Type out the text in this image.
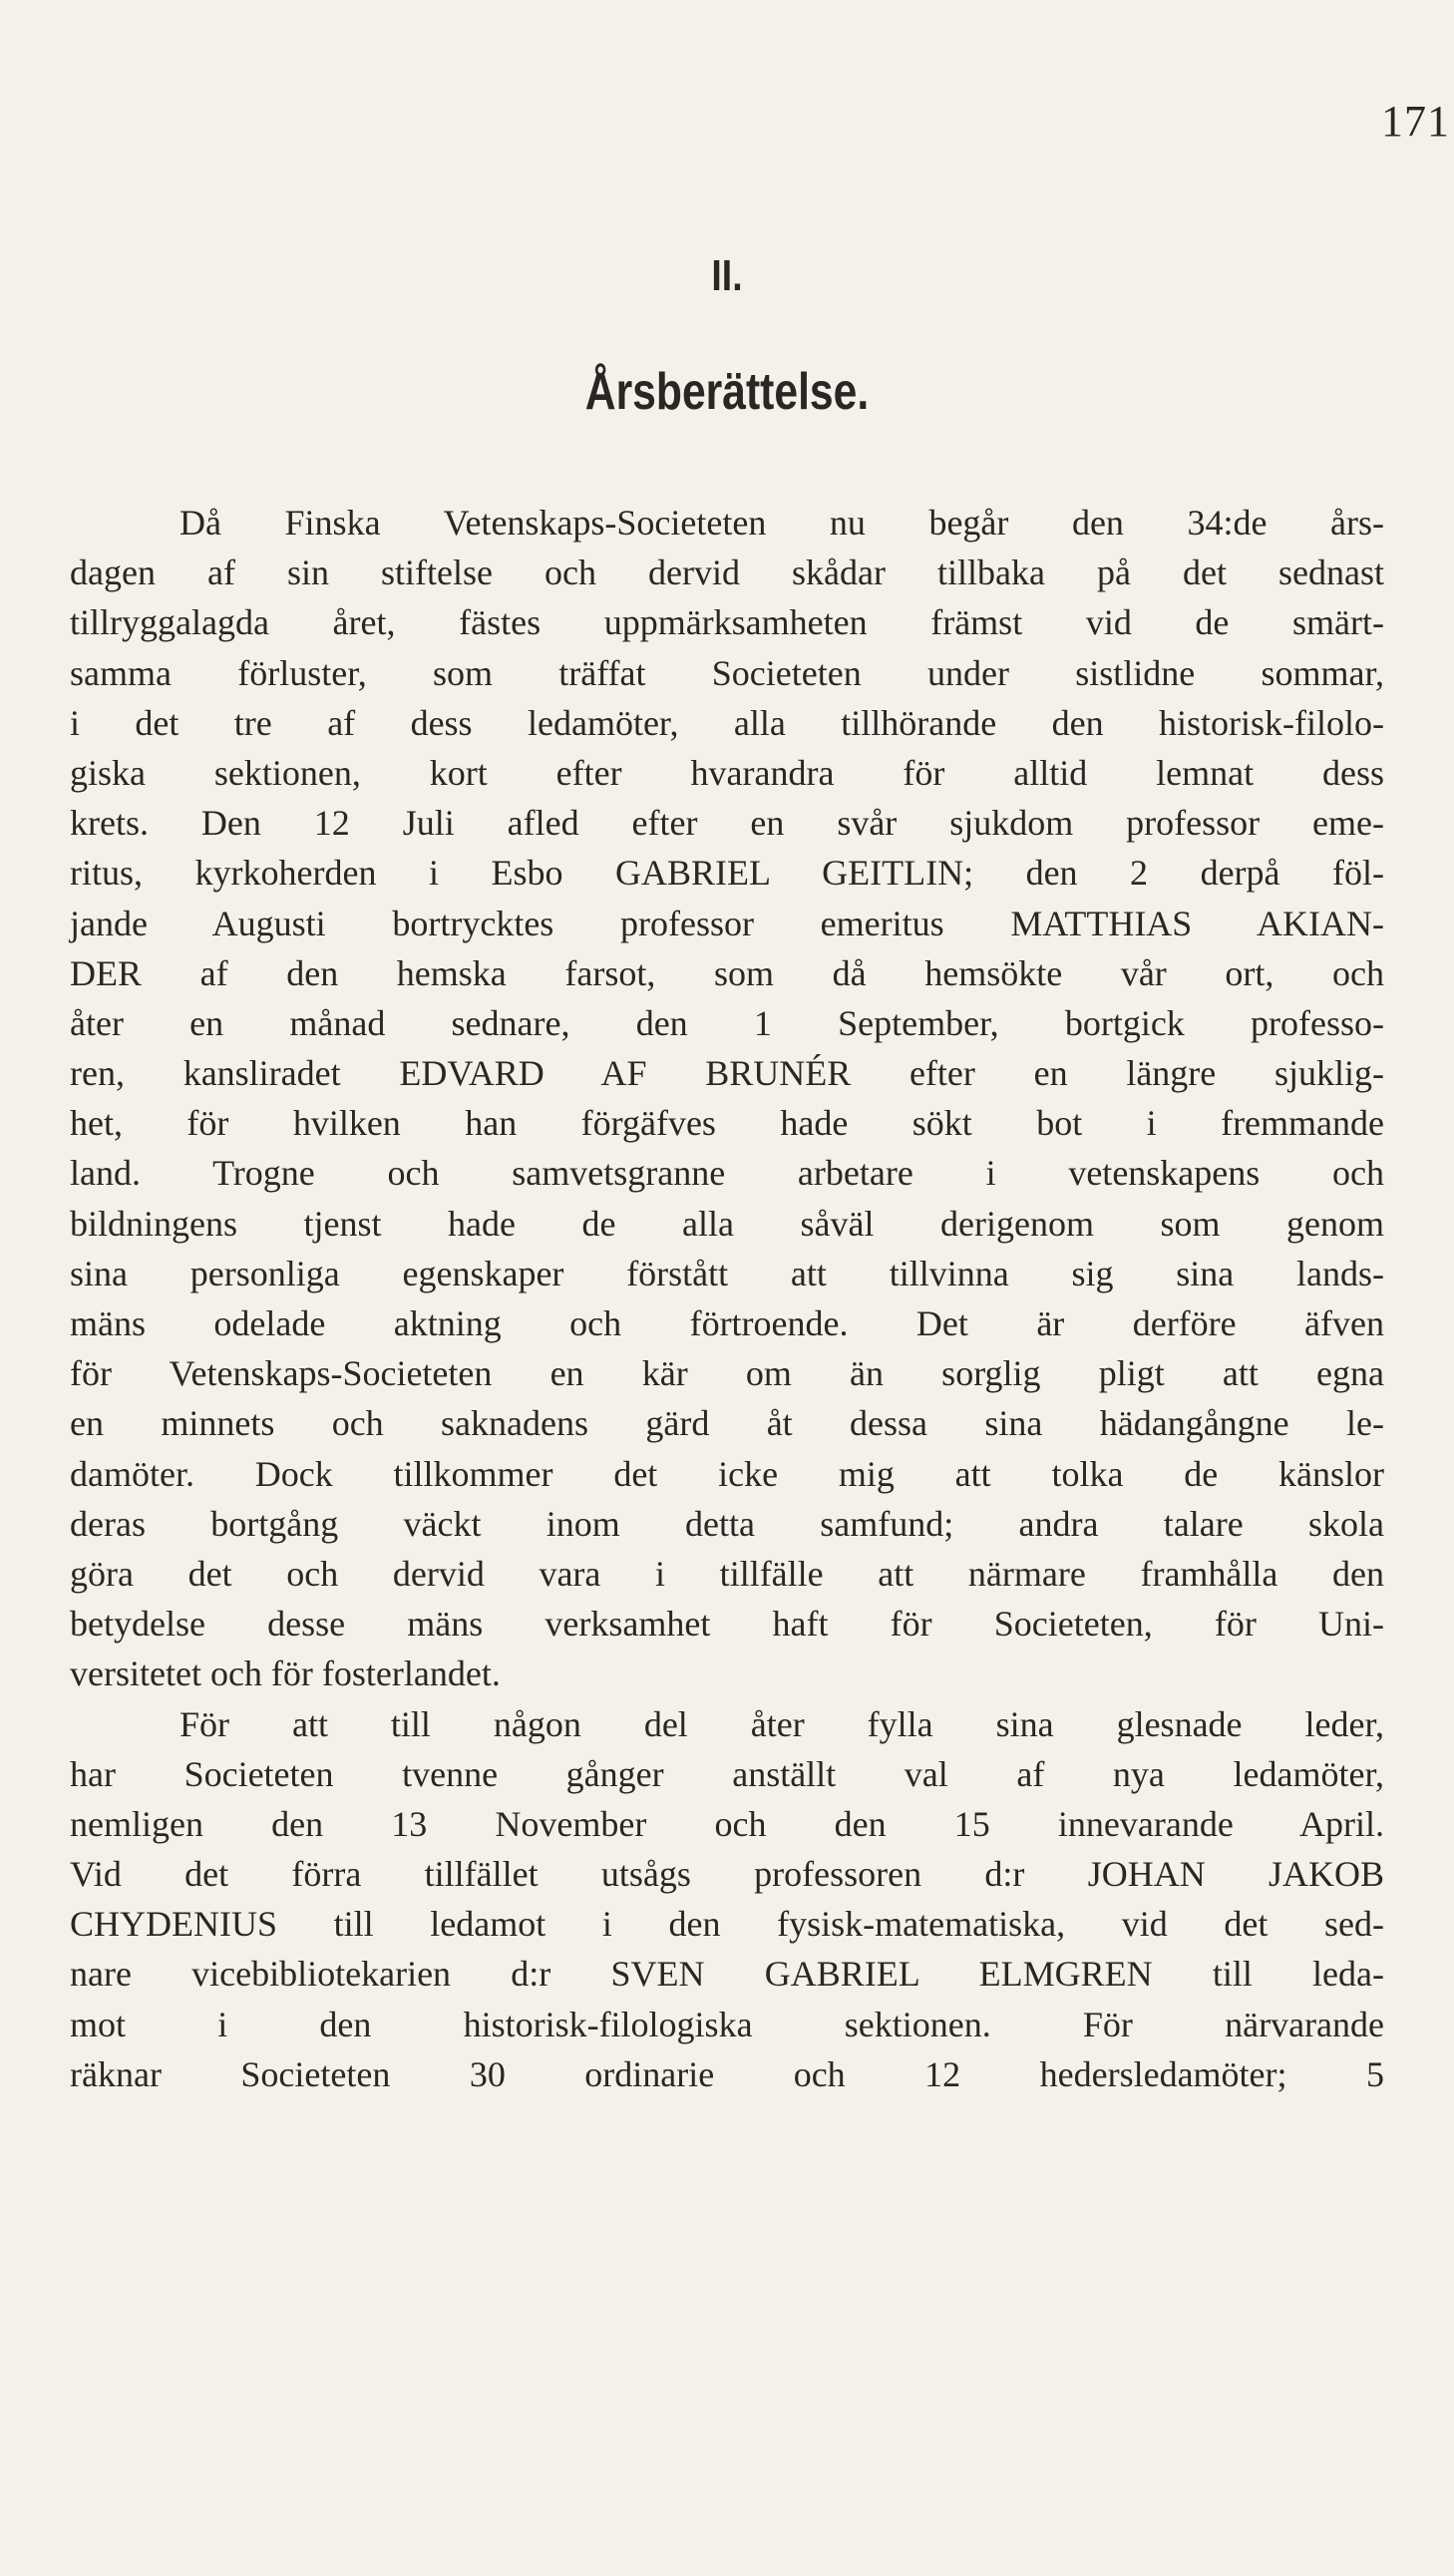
171
II.
Årsberättelse.
Då Finska Vetenskaps-Societeten nu begår den 34:de års-
dagen af sin stiftelse och dervid skådar tillbaka på det sednast
tillryggalagda året, fästes uppmärksamheten främst vid de smärt-
samma förluster, som träffat Societeten under sistlidne sommar,
i det tre af dess ledamöter, alla tillhörande den historisk-filolo-
giska sektionen, kort efter hvarandra för alltid lemnat dess
krets. Den 12 Juli afled efter en svår sjukdom professor eme-
ritus, kyrkoherden i Esbo GABRIEL GEITLIN; den 2 derpå föl-
jande Augusti bortrycktes professor emeritus MATTHIAS AKIAN-
DER af den hemska farsot, som då hemsökte vår ort, och
åter en månad sednare, den 1 September, bortgick professo-
ren, kansliradet EDVARD AF BRUNÉR efter en längre sjuklig-
het, för hvilken han förgäfves hade sökt bot i fremmande
land. Trogne och samvetsgranne arbetare i vetenskapens och
bildningens tjenst hade de alla såväl derigenom som genom
sina personliga egenskaper förstått att tillvinna sig sina lands-
mäns odelade aktning och förtroende. Det är derföre äfven
för Vetenskaps-Societeten en kär om än sorglig pligt att egna
en minnets och saknadens gärd åt dessa sina hädangångne le-
damöter. Dock tillkommer det icke mig att tolka de känslor
deras bortgång väckt inom detta samfund; andra talare skola
göra det och dervid vara i tillfälle att närmare framhålla den
betydelse desse mäns verksamhet haft för Societeten, för Uni-
versitetet och för fosterlandet.
För att till någon del åter fylla sina glesnade leder,
har Societeten tvenne gånger anställt val af nya ledamöter,
nemligen den 13 November och den 15 innevarande April.
Vid det förra tillfället utsågs professoren d:r JOHAN JAKOB
CHYDENIUS till ledamot i den fysisk-matematiska, vid det sed-
nare vicebibliotekarien d:r SVEN GABRIEL ELMGREN till leda-
mot i den historisk-filologiska sektionen. För närvarande
räknar Societeten 30 ordinarie och 12 hedersledamöter; 5
